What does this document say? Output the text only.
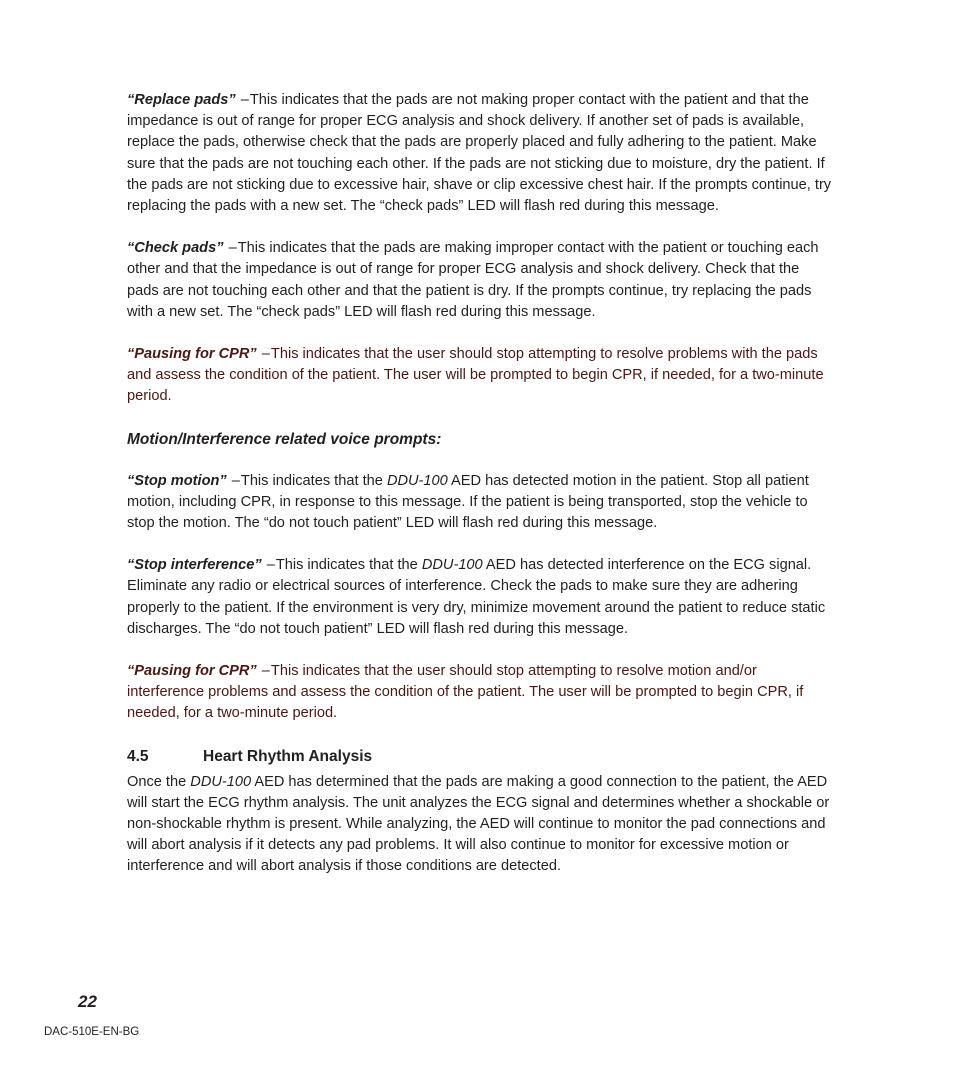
“Replace pads” –This indicates that the pads are not making proper contact with the patient and that the impedance is out of range for proper ECG analysis and shock delivery. If another set of pads is available, replace the pads, otherwise check that the pads are properly placed and fully adhering to the patient. Make sure that the pads are not touching each other. If the pads are not sticking due to moisture, dry the patient. If the pads are not sticking due to excessive hair, shave or clip excessive chest hair. If the prompts continue, try replacing the pads with a new set. The “check pads” LED will flash red during this message.

“Check pads” –This indicates that the pads are making improper contact with the patient or touching each other and that the impedance is out of range for proper ECG analysis and shock delivery. Check that the pads are not touching each other and that the patient is dry. If the prompts continue, try replacing the pads with a new set. The “check pads” LED will flash red during this message.

“Pausing for CPR” –This indicates that the user should stop attempting to resolve problems with the pads and assess the condition of the patient. The user will be prompted to begin CPR, if needed, for a two-minute period.

Motion/Interference related voice prompts:

“Stop motion” –This indicates that the DDU-100 AED has detected motion in the patient. Stop all patient motion, including CPR, in response to this message. If the patient is being transported, stop the vehicle to stop the motion. The “do not touch patient” LED will flash red during this message.

“Stop interference” –This indicates that the DDU-100 AED has detected interference on the ECG signal. Eliminate any radio or electrical sources of interference. Check the pads to make sure they are adhering properly to the patient. If the environment is very dry, minimize movement around the patient to reduce static discharges. The “do not touch patient” LED will flash red during this message.

“Pausing for CPR” –This indicates that the user should stop attempting to resolve motion and/or interference problems and assess the condition of the patient. The user will be prompted to begin CPR, if needed, for a two-minute period.

4.5	Heart Rhythm Analysis

Once the DDU-100 AED has determined that the pads are making a good connection to the patient, the AED will start the ECG rhythm analysis. The unit analyzes the ECG signal and determines whether a shockable or non-shockable rhythm is present. While analyzing, the AED will continue to monitor the pad connections and will abort analysis if it detects any pad problems. It will also continue to monitor for excessive motion or interference and will abort analysis if those conditions are detected.

22
DAC-510E-EN-BG
